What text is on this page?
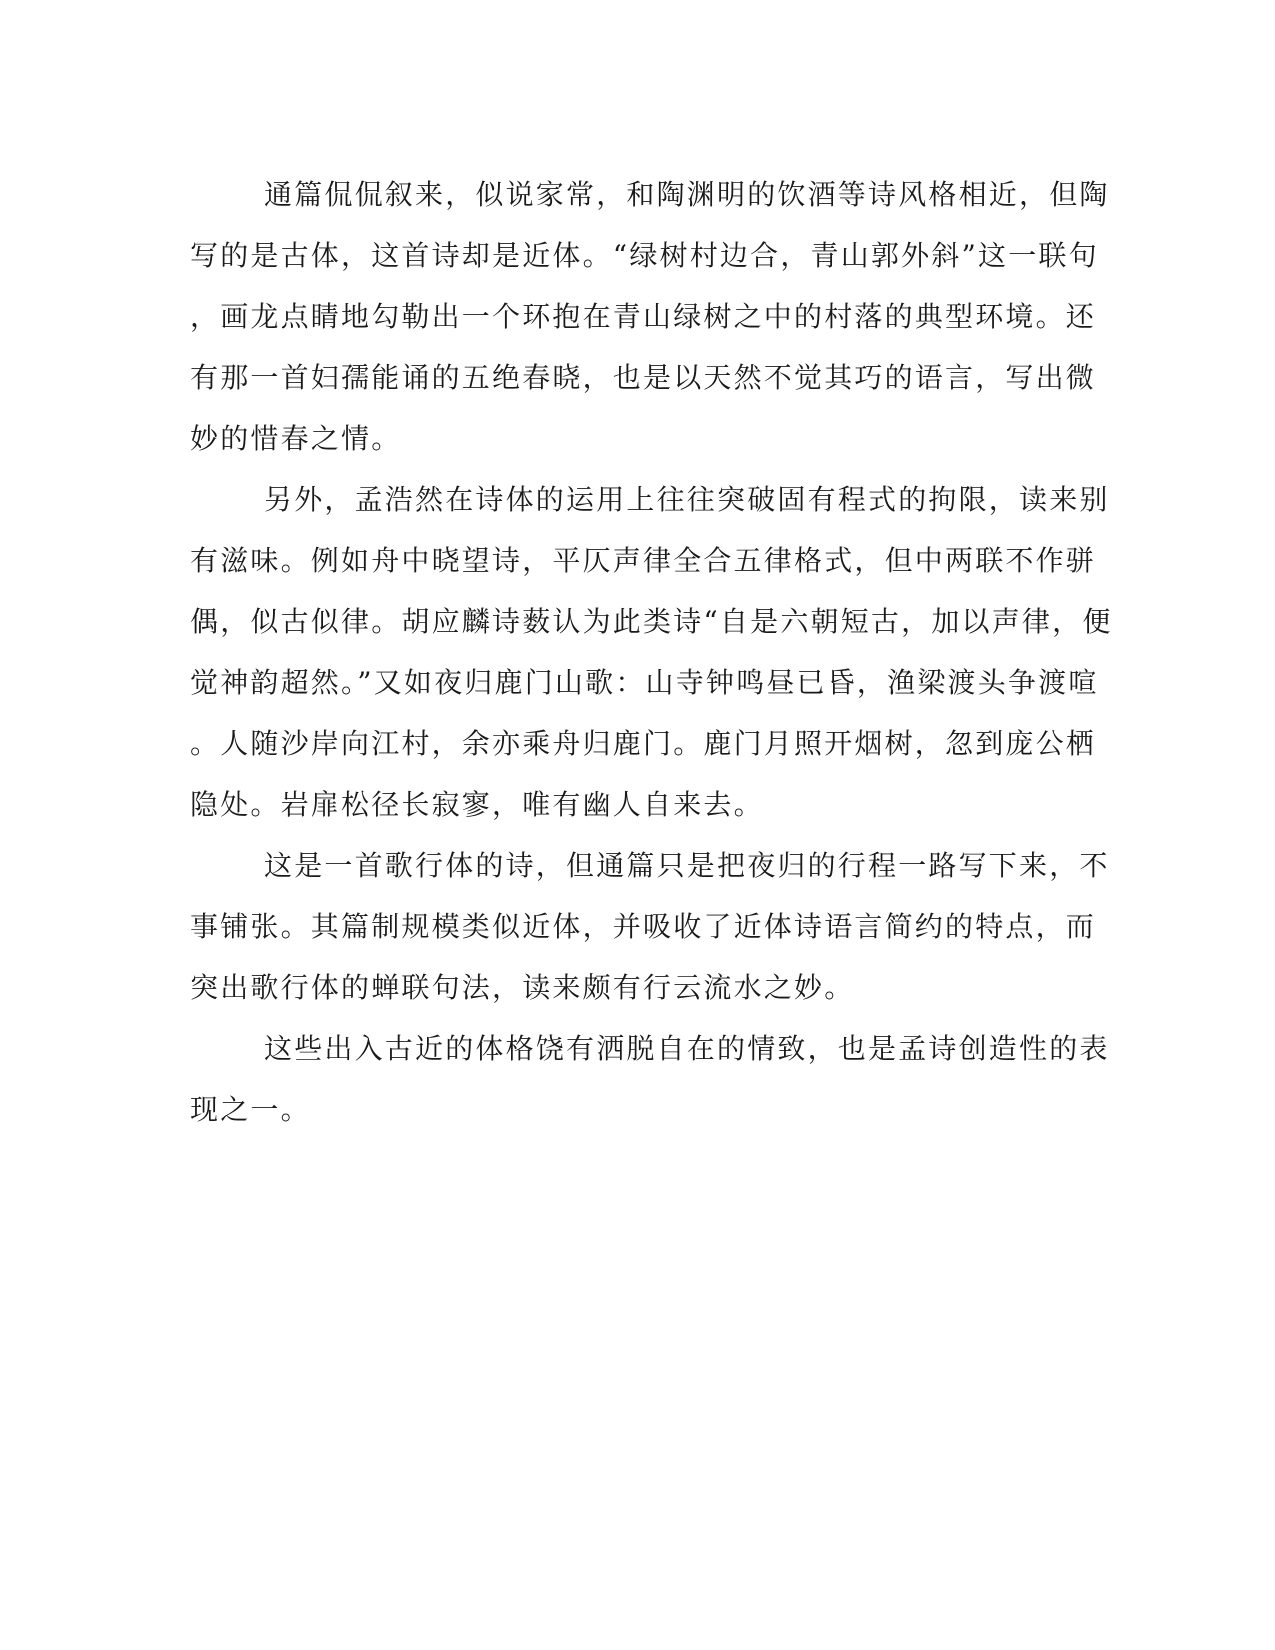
通篇侃侃叙来，似说家常，和陶渊明的饮酒等诗风格相近，但陶
写的是古体，这首诗却是近体。“绿树村边合，青山郭外斜”这一联句
，画龙点睛地勾勒出一个环抱在青山绿树之中的村落的典型环境。还
有那一首妇孺能诵的五绝春晓，也是以天然不觉其巧的语言，写出微
妙的惜春之情。
另外，孟浩然在诗体的运用上往往突破固有程式的拘限，读来别
有滋味。例如舟中晓望诗，平仄声律全合五律格式，但中两联不作骈
偶，似古似律。胡应麟诗薮认为此类诗“自是六朝短古，加以声律，便
觉神韵超然。”又如夜归鹿门山歌：山寺钟鸣昼已昏，渔梁渡头争渡喧
。人随沙岸向江村，余亦乘舟归鹿门。鹿门月照开烟树，忽到庞公栖
隐处。岩扉松径长寂寥，唯有幽人自来去。
这是一首歌行体的诗，但通篇只是把夜归的行程一路写下来，不
事铺张。其篇制规模类似近体，并吸收了近体诗语言简约的特点，而
突出歌行体的蝉联句法，读来颇有行云流水之妙。
这些出入古近的体格饶有洒脱自在的情致，也是孟诗创造性的表
现之一。
